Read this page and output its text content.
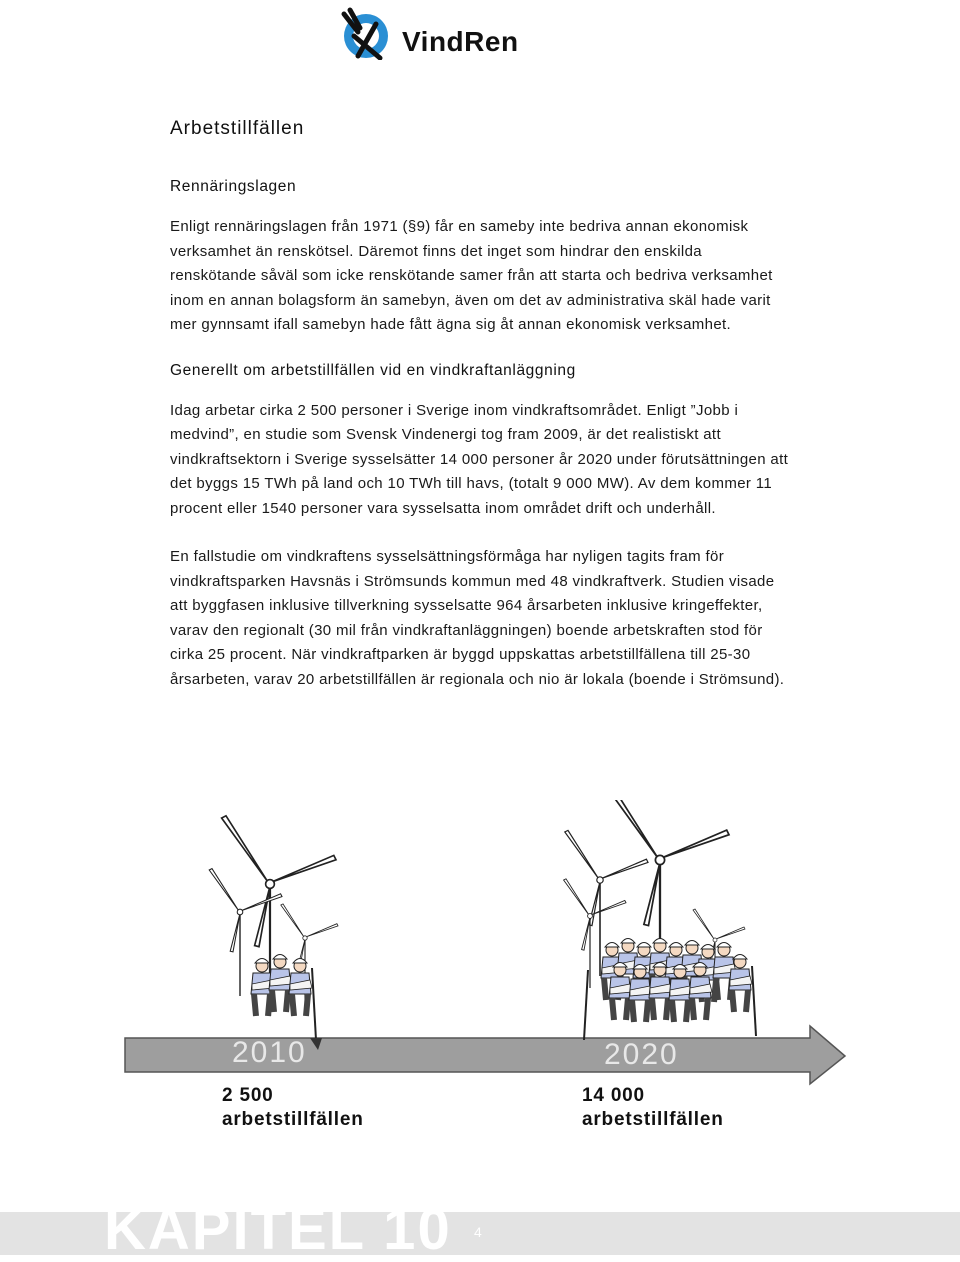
VindRen
Arbetstillfällen
Rennäringslagen

Enligt rennäringslagen från 1971 (§9) får en sameby inte bedriva annan ekonomisk verksamhet än renskötsel. Däremot finns det inget som hindrar den enskilda renskötande såväl som icke renskötande samer från att starta och bedriva verksamhet inom en annan bolagsform än samebyn, även om det av administrativa skäl hade varit mer gynnsamt ifall samebyn hade fått ägna sig åt annan ekonomisk verksamhet.

Generellt om arbetstillfällen vid en vindkraftanläggning

Idag arbetar cirka 2 500 personer i Sverige inom vindkraftsområdet. Enligt ”Jobb i medvind”, en studie som Svensk Vindenergi tog fram 2009, är det realistiskt att vindkraftsektorn i Sverige sysselsätter 14 000 personer år 2020 under förutsättningen att det byggs 15 TWh på land och 10 TWh till havs, (totalt 9 000 MW). Av dem kommer 11 procent eller 1540 personer vara sysselsatta inom området drift och underhåll.

En fallstudie om vindkraftens sysselsättningsförmåga har nyligen tagits fram för vindkraftsparken Havsnäs i Strömsunds kommun med 48 vindkraftverk. Studien visade att byggfasen inklusive tillverkning sysselsatte 964 årsarbeten inklusive kringeffekter, varav den regionalt (30 mil från vindkraftanläggningen) boende arbetskraften stod för cirka 25 procent. När vindkraftparken är byggd uppskattas arbetstillfällena till 25-30 årsarbeten, varav 20 arbetstillfällen är regionala och nio är lokala (boende i Strömsund).

2010	2020
2 500
arbetstillfällen
14 000
arbetstillfällen
KAPITEL 10 4
